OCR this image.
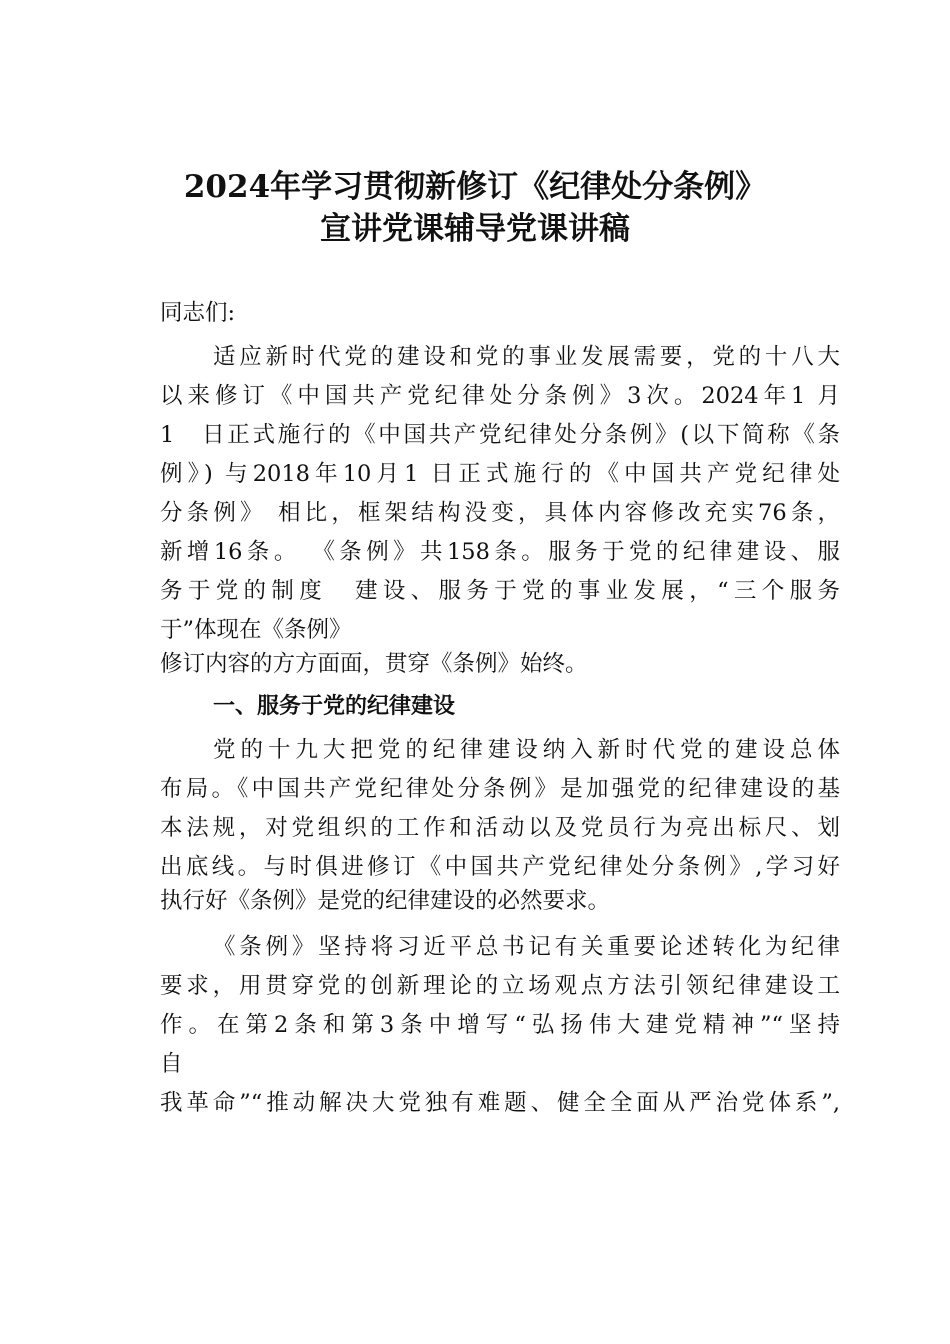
2024年学习贯彻新修订《纪律处分条例》
宣讲党课辅导党课讲稿
同志们:
适应新时代党的建设和党的事业发展需要，党的十八大
以来修订《中国共产党纪律处分条例》3次。2024年1 月
1　日正式施行的《中国共产党纪律处分条例》(以下简称《条
例》) 与2018年10月1 日正式施行的《中国共产党纪律处
分条例》 相比，框架结构没变，具体内容修改充实76条，
新增16条。 《条例》共158条。服务于党的纪律建设、服
务于党的制度　建设、服务于党的事业发展，“三个服务
于”体现在《条例》
修订内容的方方面面，贯穿《条例》始终。
一、服务于党的纪律建设
党的十九大把党的纪律建设纳入新时代党的建设总体
布局。《中国共产党纪律处分条例》是加强党的纪律建设的基
本法规，对党组织的工作和活动以及党员行为亮出标尺、划
出底线。与时俱进修订《中国共产党纪律处分条例》,学习好
执行好《条例》是党的纪律建设的必然要求。
《条例》坚持将习近平总书记有关重要论述转化为纪律
要求，用贯穿党的创新理论的立场观点方法引领纪律建设工
作。在第2条和第3条中增写“弘扬伟大建党精神”“坚持
自
我革命”“推动解决大党独有难题、健全全面从严治党体系”,
